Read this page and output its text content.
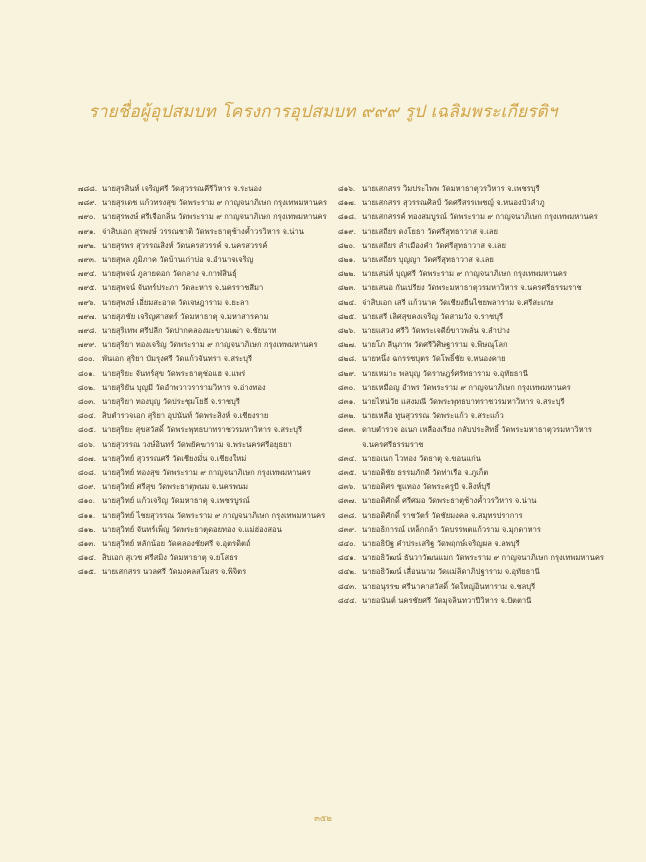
รายชื่อผู้อุปสมบท โครงการอุปสมบท ๙๙๙ รูป เฉลิมพระเกียรติฯ
๗๘๘. นายสุรสินท์ เจริญศรี วัดสุวรรณคีรีวิหาร จ.ระนอง
๗๘๙. นายสุรเดช แก้วทรงสุข วัดพระราม ๙ กาญจนาภิเษก กรุงเทพมหานคร
๗๙๐. นายสุรพงษ์ ศรีเจือกลิ่น วัดพระราม ๙ กาญจนาภิเษก กรุงเทพมหานคร
๗๙๑. จ่าสิบเอก สุรพงษ์ วรรณชาติ วัดพระธาตุช้างค้ำวรวิหาร จ.น่าน
๗๙๒. นายสุรพร สุวรรณสิงห์ วัดนครสวรรค์ จ.นครสวรรค์
๗๙๓. นายสุพล ภูมิภาค วัดบ้านเก่าบ่อ จ.อำนาจเจริญ
๗๙๔. นายสุพจน์ ภูลายดอก วัดกลาง จ.กาฬสินธุ์
๗๙๕. นายสุพจน์ จันทร์ประภา วัดละหาร จ.นครราชสีมา
๗๙๖. นายสุพงษ์ เอี่ยมสะอาด วัดเจษฎาราม จ.ยะลา
๗๙๗. นายสุภชัย เจริญศาสตร์ วัดมหาธาตุ จ.มหาสารคาม
๗๙๘. นายสุริเทพ ศรีปลีก วัดปากคลองมะขามเฒ่า จ.ชัยนาท
๗๙๙. นายสุริยา ทองเจริญ วัดพระราม ๙ กาญจนาภิเษก กรุงเทพมหานคร
๘๐๐. พันเอก สุริยา บัมรุงศรี วัดแก้วจันทรา จ.สระบุรี
๘๐๑. นายสุริยะ จันทร์สุข วัดพระธาตุช่อแฮ จ.แพร่
๘๐๒. นายสุริยัน บุญมี วัดอำพวาวรารามวิหาร จ.อ่างทอง
๘๐๓. นายสุริยา ทองบุญ วัดประชุมโยธี จ.ราชบุรี
๘๐๔. สิบตำรวจเอก สุริยา อุปนันท์ วัดพระสิงห์ จ.เชียงราย
๘๐๕. นายสุริยะ สุขสวัสดิ์ วัดพระพุทธบาทราชวรมหาวิหาร จ.สระบุรี
๘๐๖. นายสุวรรณ วงษ์อินทร์ วัดพยัคฆาราม จ.พระนครศรีอยุธยา
๘๐๗. นายสุวิทย์ สุวรรณศรี วัดเชียงมั่น จ.เชียงใหม่
๘๐๘. นายสุวิทย์ ทองสุข วัดพระราม ๙ กาญจนาภิเษก กรุงเทพมหานคร
๘๐๙. นายสุวิทย์ ศรีสุข วัดพระธาตุพนม จ.นครพนม
๘๑๐. นายสุวิทย์ แก้วเจริญ วัดมหาธาตุ จ.เพชรบูรณ์
๘๑๑. นายสุวิทย์ ไชยสุวรรณ วัดพระราม ๙ กาญจนาภิเษก กรุงเทพมหานคร
๘๑๒. นายสุวิทย์ จันทร์เพ็ญ วัดพระธาตุดอยทอง จ.แม่ฮ่องสอน
๘๑๓. นายสุวิทย์ หลักน้อย วัดคลองชัยศรี จ.อุตรดิตถ์
๘๑๔. สิบเอก สุเวช ศรีสมิง วัดมหาธาตุ จ.ยโสธร
๘๑๕. นายเสกสรร นวลศรี วัดมงคลสโมสร จ.พิจิตร
๘๑๖. นายเสกสรร วิมประไพพ วัดมหาธาตุวรวิหาร จ.เพชรบุรี
๘๑๗. นายเสกสรร สุวรรณศิลป์ วัดศรีสรรเพชญ์ จ.หนองบัวลำภู
๘๑๘. นายเสกสรรค์ ทองสมบูรณ์ วัดพระราม ๙ กาญจนาภิเษก กรุงเทพมหานคร
๘๑๙. นายเสถียร ดงโยธา วัดศรีสุทธาวาส จ.เลย
๘๒๐. นายเสถียร ลำเมืองคำ วัดศรีสุทธาวาส จ.เลย
๘๒๑. นายเสถียร บุญญา วัดศรีสุทธาวาส จ.เลย
๘๒๒. นายเสน่ห์ บุญศรี วัดพระราม ๙ กาญจนาภิเษก กรุงเทพมหานคร
๘๒๓. นายเสนอ กันเปรียง วัดพระมหาธาตุวรมหาวิหาร จ.นครศรีธรรมราช
๘๒๔. จ่าสิบเอก เสรี แก้วนาค วัดเชียงยืนไชยพลาราม จ.ศรีสะเกษ
๘๒๕. นายเสรี เลิศสุขคงเจริญ วัดสามวัง จ.ราชบุรี
๘๒๖. นายแสวง ศรีวิ วัดพระเจดีย์ขาวพลั่น จ.ลำปาง
๘๒๗. นายโภ ลีนุภาพ วัดศรีวิศิษฐาราม จ.พิษณุโลก
๘๒๘. นายหนึ่ง ฉกรรชบุตร วัดโพธิ์ชัย จ.หนองคาย
๘๒๙. นายเหมาะ พลบุญ วัดราษฎร์ศรัทธาราม จ.อุทัยธานี
๘๓๐. นายเหมือญ อำพร วัดพระราม ๙ กาญจนาภิเษก กรุงเทพมหานคร
๘๓๑. นายไหน่วัย แสงมณี วัดพระพุทธบาทราชวรมหาวิหาร จ.สระบุรี
๘๓๒. นายเหลือ ทูนสุวรรณ วัดพระแก้ว จ.สระแก้ว
๘๓๓. ดาบตำรวจ อเนก เหลืองเรียง กลับประสิทธิ์ วัดพระมหาธาตุวรมหาวิหาร จ.นครศรีธรรมราช
๘๓๔. นายอเนก ไวทอง วัดธาตุ จ.ขอนแก่น
๘๓๕. นายอดิชัย ธรรมภักดี วัดท่าเรือ จ.ภูเก็ต
๘๓๖. นายอดิศร ชูแทอง วัดพระครูบี จ.ลิงห์บุรี
๘๓๗. นายอดิศักดิ์ ศรีศมอ วัดพระธาตุช้างค้ำวรวิหาร จ.น่าน
๘๓๘. นายอดิศักดิ์ ราชวัตร์ วัดชัยมงคล จ.สมุทรปราการ
๘๓๙. นายอธิการณ์ เหล็กกล้า วัดบรรพตแก้วราม จ.มุกดาหาร
๘๔๐. นายอธิปัฐ คำประเสริฐ วัดพฤกษ์เจริญผล จ.ลพบุรี
๘๔๑. นายอธิวัฒน์ ธันวาวัฒนแมก วัดพระราม ๙ กาญจนาภิเษก กรุงเทพมหานคร
๘๔๒. นายอธิวัฒน์ เลื่อนนาม วัดแม่ลิดาภิปฐาราม จ.อุทัยธานี
๘๔๓. นายอนุรรฆ ศรีนาคาสวัสดิ์ วัดใหญ่อินทาราม จ.ชลบุรี
๘๔๔. นายอนันต์ นครชัยศรี วัดมุจลินทวาปีวิหาร จ.ปัตตานี
๓๕๒
